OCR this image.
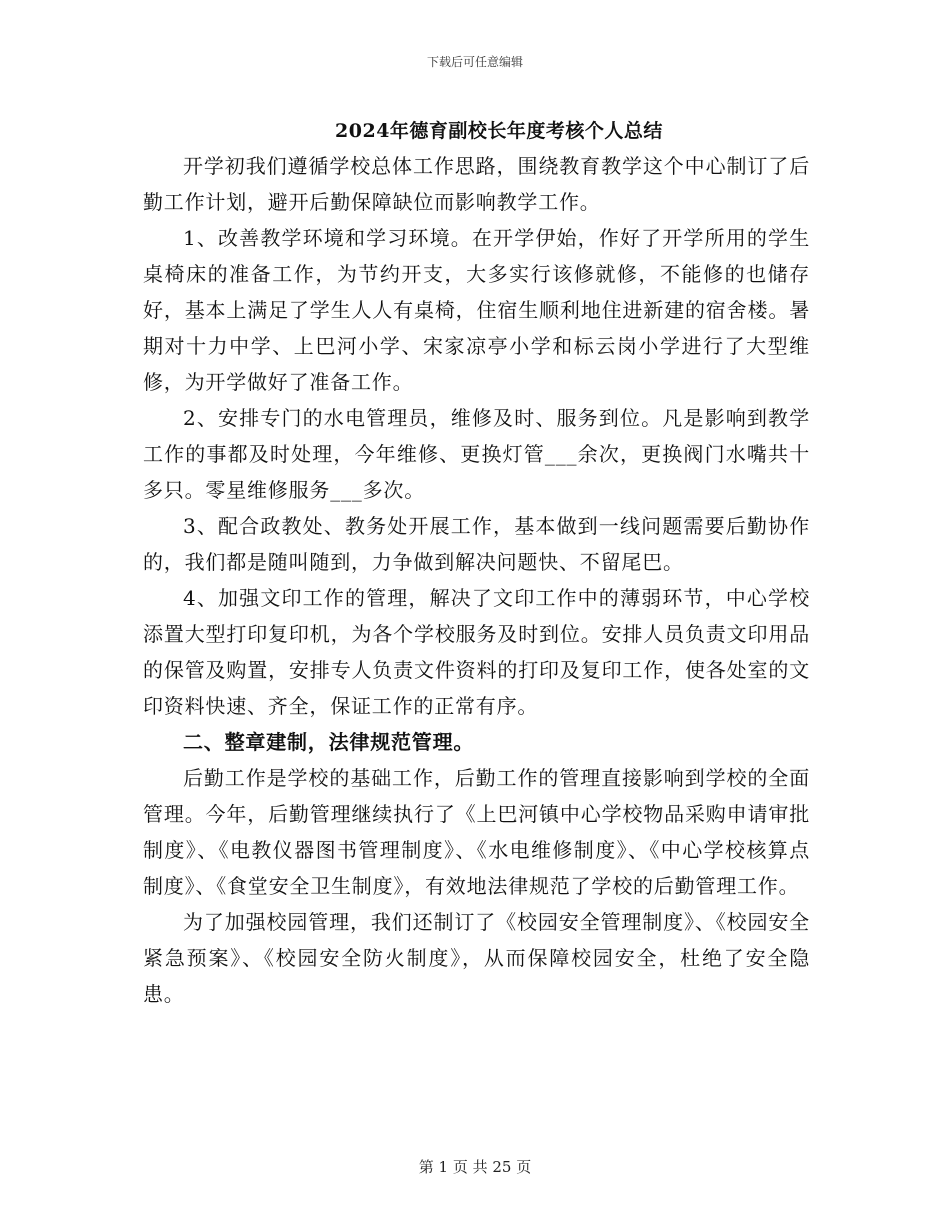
下载后可任意编辑
2024年德育副校长年度考核个人总结

开学初我们遵循学校总体工作思路，围绕教育教学这个中心制订了后勤工作计划，避开后勤保障缺位而影响教学工作。

1、改善教学环境和学习环境。在开学伊始，作好了开学所用的学生桌椅床的准备工作，为节约开支，大多实行该修就修，不能修的也储存好，基本上满足了学生人人有桌椅，住宿生顺利地住进新建的宿舍楼。暑期对十力中学、上巴河小学、宋家凉亭小学和标云岗小学进行了大型维修，为开学做好了准备工作。

2、安排专门的水电管理员，维修及时、服务到位。凡是影响到教学工作的事都及时处理，今年维修、更换灯管___余次，更换阀门水嘴共十多只。零星维修服务___多次。

3、配合政教处、教务处开展工作，基本做到一线问题需要后勤协作的，我们都是随叫随到，力争做到解决问题快、不留尾巴。

4、加强文印工作的管理，解决了文印工作中的薄弱环节，中心学校添置大型打印复印机，为各个学校服务及时到位。安排人员负责文印用品的保管及购置，安排专人负责文件资料的打印及复印工作，使各处室的文印资料快速、齐全，保证工作的正常有序。

二、整章建制，法律规范管理。

后勤工作是学校的基础工作，后勤工作的管理直接影响到学校的全面管理。今年，后勤管理继续执行了《上巴河镇中心学校物品采购申请审批制度》、《电教仪器图书管理制度》、《水电维修制度》、《中心学校核算点制度》、《食堂安全卫生制度》，有效地法律规范了学校的后勤管理工作。

为了加强校园管理，我们还制订了《校园安全管理制度》、《校园安全紧急预案》、《校园安全防火制度》，从而保障校园安全，杜绝了安全隐患。

第 1 页 共 25 页
